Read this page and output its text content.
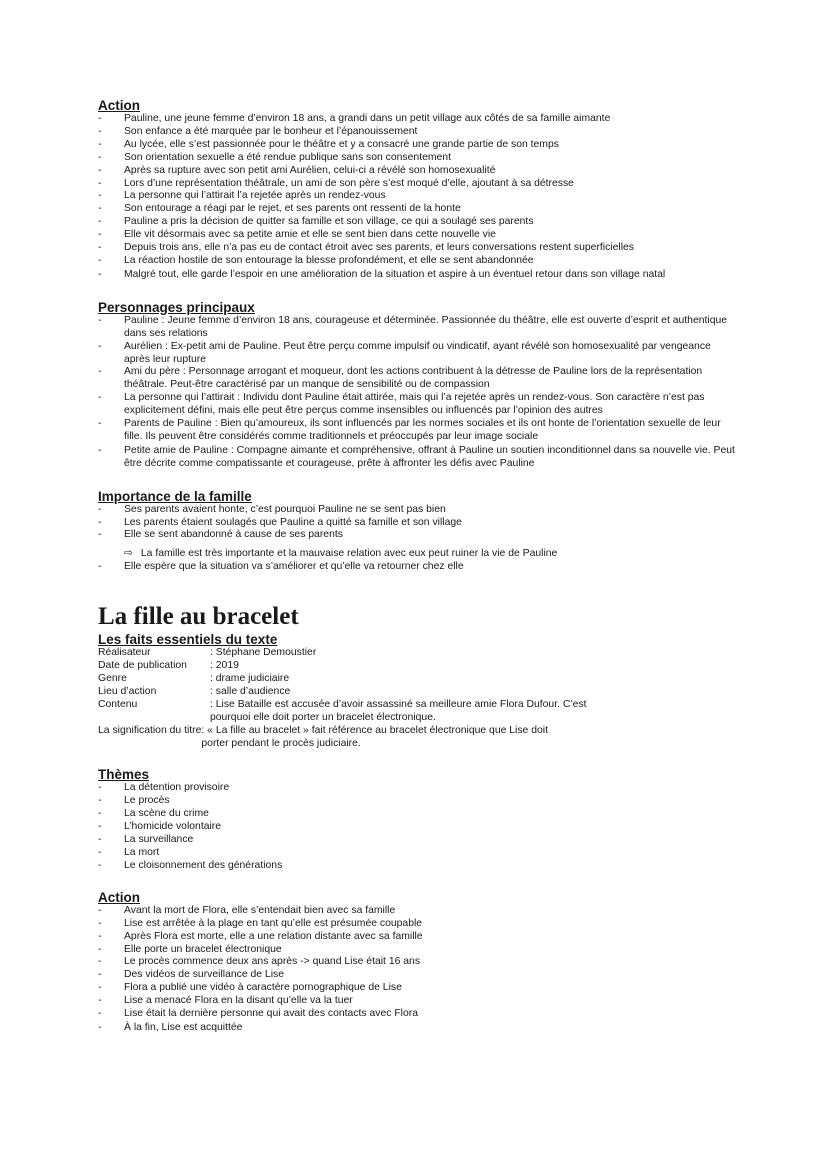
Action
- Pauline, une jeune femme d’environ 18 ans, a grandi dans un petit village aux côtés de sa famille aimante
- Son enfance a été marquée par le bonheur et l’épanouissement
- Au lycée, elle s’est passionnée pour le théâtre et y a consacré une grande partie de son temps
- Son orientation sexuelle a été rendue publique sans son consentement
- Après sa rupture avec son petit ami Aurélien, celui-ci a révélé son homosexualité
- Lors d’une représentation théâtrale, un ami de son père s’est moqué d’elle, ajoutant à sa détresse
- La personne qui l’attirait l’a rejetée après un rendez-vous
- Son entourage a réagi par le rejet, et ses parents ont ressenti de la honte
- Pauline a pris la décision de quitter sa famille et son village, ce qui a soulagé ses parents
- Elle vit désormais avec sa petite amie et elle se sent bien dans cette nouvelle vie
- Depuis trois ans, elle n’a pas eu de contact étroit avec ses parents, et leurs conversations restent superficielles
- La réaction hostile de son entourage la blesse profondément, et elle se sent abandonnée
- Malgré tout, elle garde l’espoir en une amélioration de la situation et aspire à un éventuel retour dans son village natal
Personnages principaux
- Pauline : Jeune femme d’environ 18 ans, courageuse et déterminée. Passionnée du théâtre, elle est ouverte d’esprit et authentique dans ses relations
- Aurélien : Ex-petit ami de Pauline. Peut être perçu comme impulsif ou vindicatif, ayant révélé son homosexualité par vengeance après leur rupture
- Ami du père : Personnage arrogant et moqueur, dont les actions contribuent à la détresse de Pauline lors de la représentation théâtrale. Peut-être caractérisé par un manque de sensibilité ou de compassion
- La personne qui l’attirait : Individu dont Pauline était attirée, mais qui l’a rejetée après un rendez-vous. Son caractère n’est pas explicitement défini, mais elle peut être perçus comme insensibles ou influencés par l’opinion des autres
- Parents de Pauline : Bien qu’amoureux, ils sont influencés par les normes sociales et ils ont honte de l’orientation sexuelle de leur fille. Ils peuvent être considérés comme traditionnels et préoccupés par leur image sociale
- Petite amie de Pauline : Compagne aimante et compréhensive, offrant à Pauline un soutien inconditionnel dans sa nouvelle vie. Peut être décrite comme compatissante et courageuse, prête à affronter les défis avec Pauline
Importance de la famille
- Ses parents avaient honte, c’est pourquoi Pauline ne se sent pas bien
- Les parents étaient soulagés que Pauline a quitté sa famille et son village
- Elle se sent abandonné à cause de ses parents
⇨ La famille est très importante et la mauvaise relation avec eux peut ruiner la vie de Pauline
- Elle espère que la situation va s’améliorer et qu’elle va retourner chez elle
La fille au bracelet
Les faits essentiels du texte
Réalisateur	: Stéphane Demoustier
Date de publication	: 2019
Genre	: drame judiciaire
Lieu d’action	: salle d’audience
Contenu	: Lise Bataille est accusée d’avoir assassiné sa meilleure amie Flora Dufour. C’est pourquoi elle doit porter un bracelet électronique.
La signification du titre	: « La fille au bracelet » fait référence au bracelet électronique que Lise doit porter pendant le procès judiciaire.
Thèmes
- La détention provisoire
- Le procès
- La scène du crime
- L’homicide volontaire
- La surveillance
- La mort
- Le cloisonnement des générations
Action
- Avant la mort de Flora, elle s’entendait bien avec sa famille
- Lise est arrêtée à la plage en tant qu’elle est présumée coupable
- Après Flora est morte, elle a une relation distante avec sa famille
- Elle porte un bracelet électronique
- Le procès commence deux ans après -> quand Lise était 16 ans
- Des vidéos de surveillance de Lise
- Flora a publié une vidéo à caractère pornographique de Lise
- Lise a menacé Flora en la disant qu’elle va la tuer
- Lise était la dernière personne qui avait des contacts avec Flora
- À la fin, Lise est acquittée
